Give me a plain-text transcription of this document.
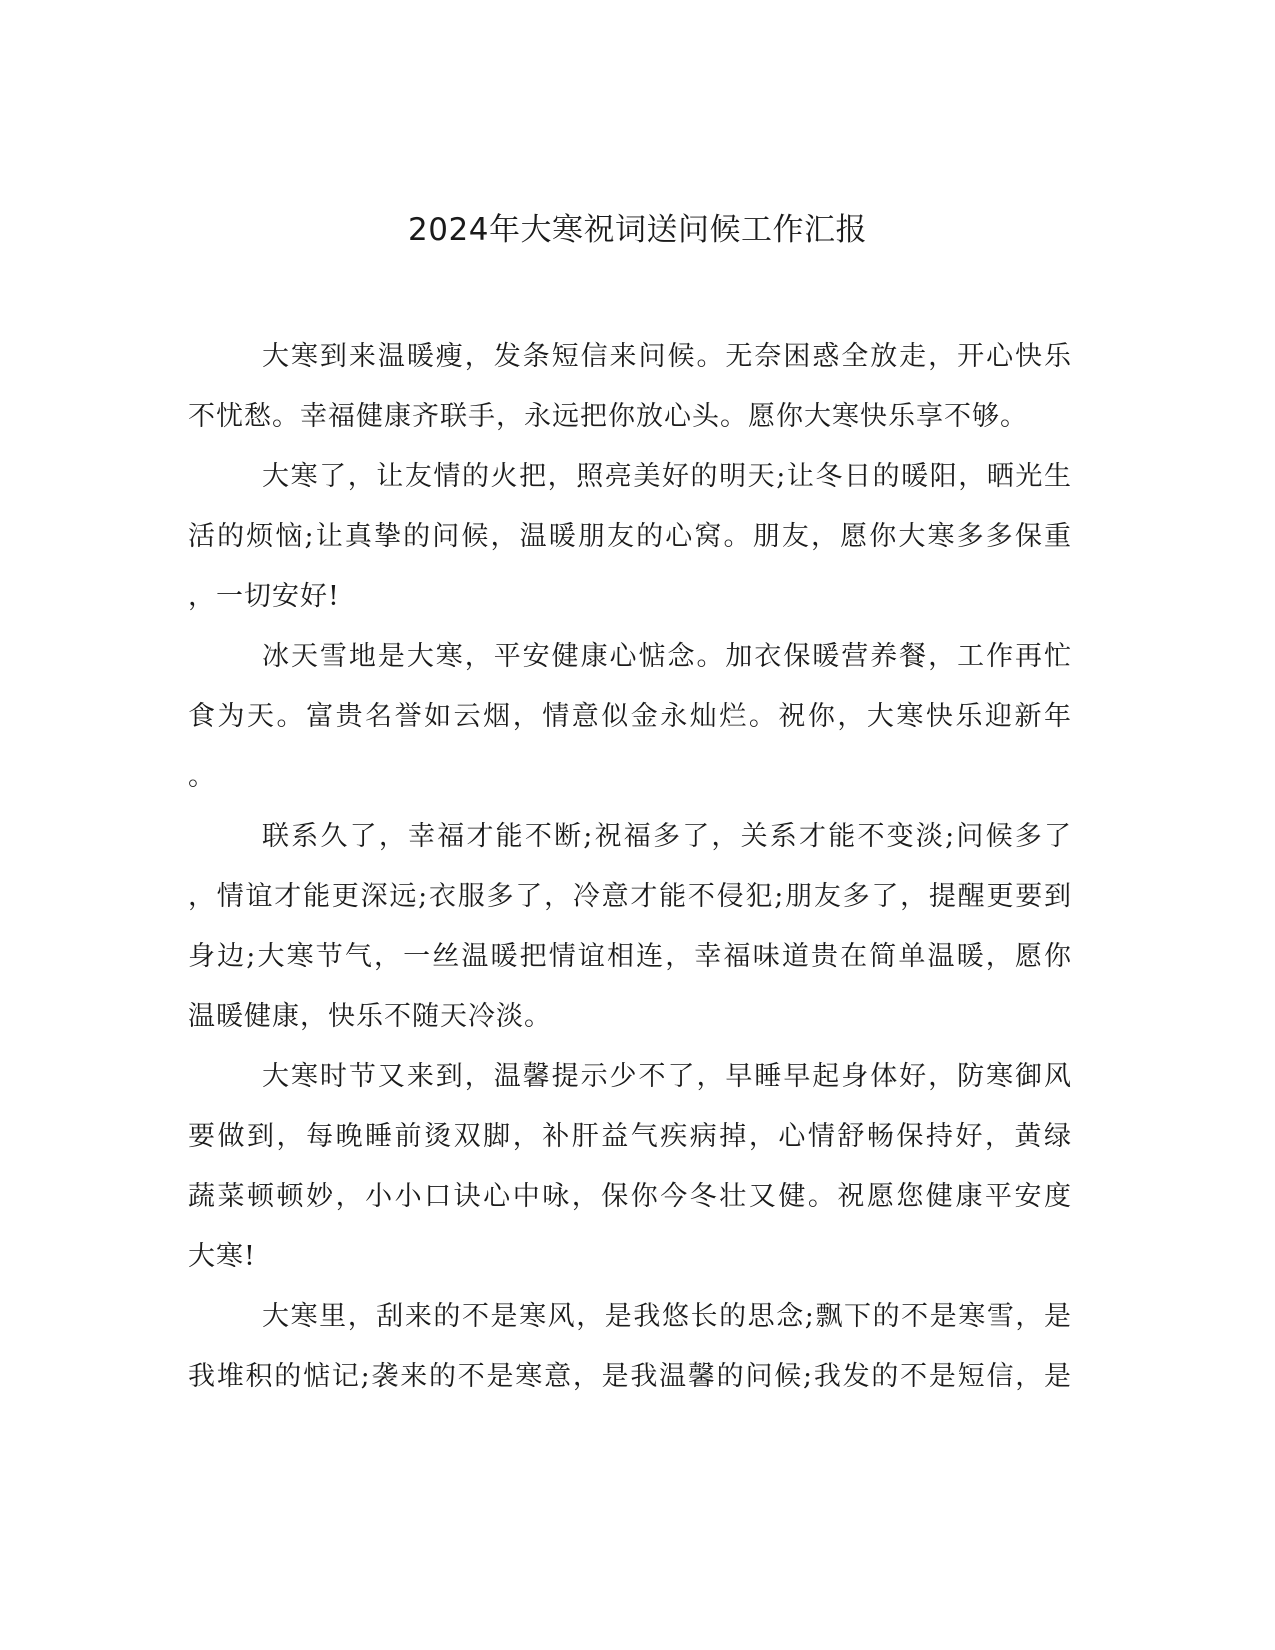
2024年大寒祝词送问候工作汇报
大寒到来温暖瘦，发条短信来问候。无奈困惑全放走，开心快乐
不忧愁。幸福健康齐联手，永远把你放心头。愿你大寒快乐享不够。
大寒了，让友情的火把，照亮美好的明天;让冬日的暖阳，晒光生
活的烦恼;让真挚的问候，温暖朋友的心窝。朋友，愿你大寒多多保重
，一切安好!
冰天雪地是大寒，平安健康心惦念。加衣保暖营养餐，工作再忙
食为天。富贵名誉如云烟，情意似金永灿烂。祝你，大寒快乐迎新年
。
联系久了，幸福才能不断;祝福多了，关系才能不变淡;问候多了
，情谊才能更深远;衣服多了，冷意才能不侵犯;朋友多了，提醒更要到
身边;大寒节气，一丝温暖把情谊相连，幸福味道贵在简单温暖，愿你
温暖健康，快乐不随天冷淡。
大寒时节又来到，温馨提示少不了，早睡早起身体好，防寒御风
要做到，每晚睡前烫双脚，补肝益气疾病掉，心情舒畅保持好，黄绿
蔬菜顿顿妙，小小口诀心中咏，保你今冬壮又健。祝愿您健康平安度
大寒!
大寒里，刮来的不是寒风，是我悠长的思念;飘下的不是寒雪，是
我堆积的惦记;袭来的不是寒意，是我温馨的问候;我发的不是短信，是
